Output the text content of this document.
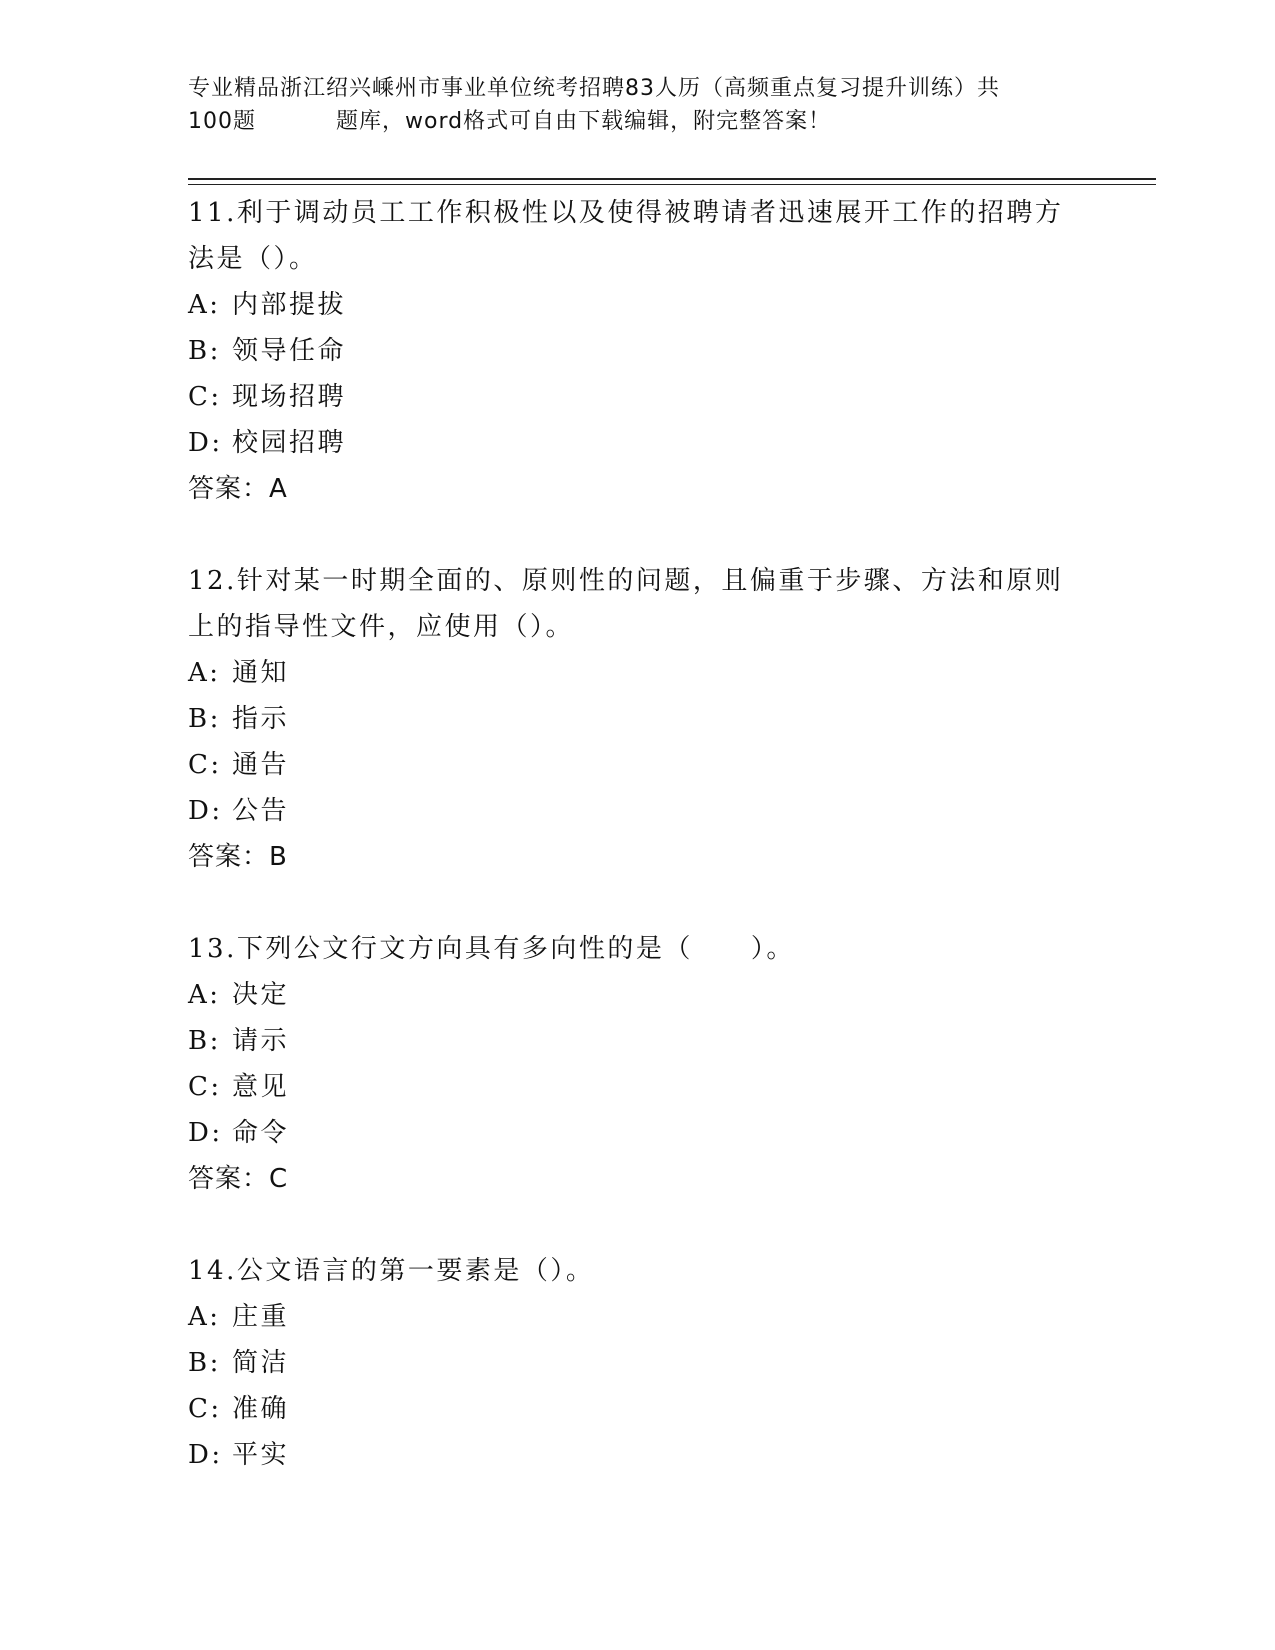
专业精品浙江绍兴嵊州市事业单位统考招聘83人历（高频重点复习提升训练）共
100题	题库，word格式可自由下载编辑，附完整答案！

11.利于调动员工工作积极性以及使得被聘请者迅速展开工作的招聘方

法是（）。

A: 内部提拔

B: 领导任命

C: 现场招聘

D: 校园招聘

答案：A

12.针对某一时期全面的、原则性的问题，且偏重于步骤、方法和原则

上的指导性文件，应使用（）。

A: 通知

B: 指示

C: 通告

D: 公告

答案：B

13.下列公文行文方向具有多向性的是（ ）。

A: 决定

B: 请示

C: 意见

D: 命令

答案：C

14.公文语言的第一要素是（）。

A: 庄重

B: 简洁

C: 准确

D: 平实
